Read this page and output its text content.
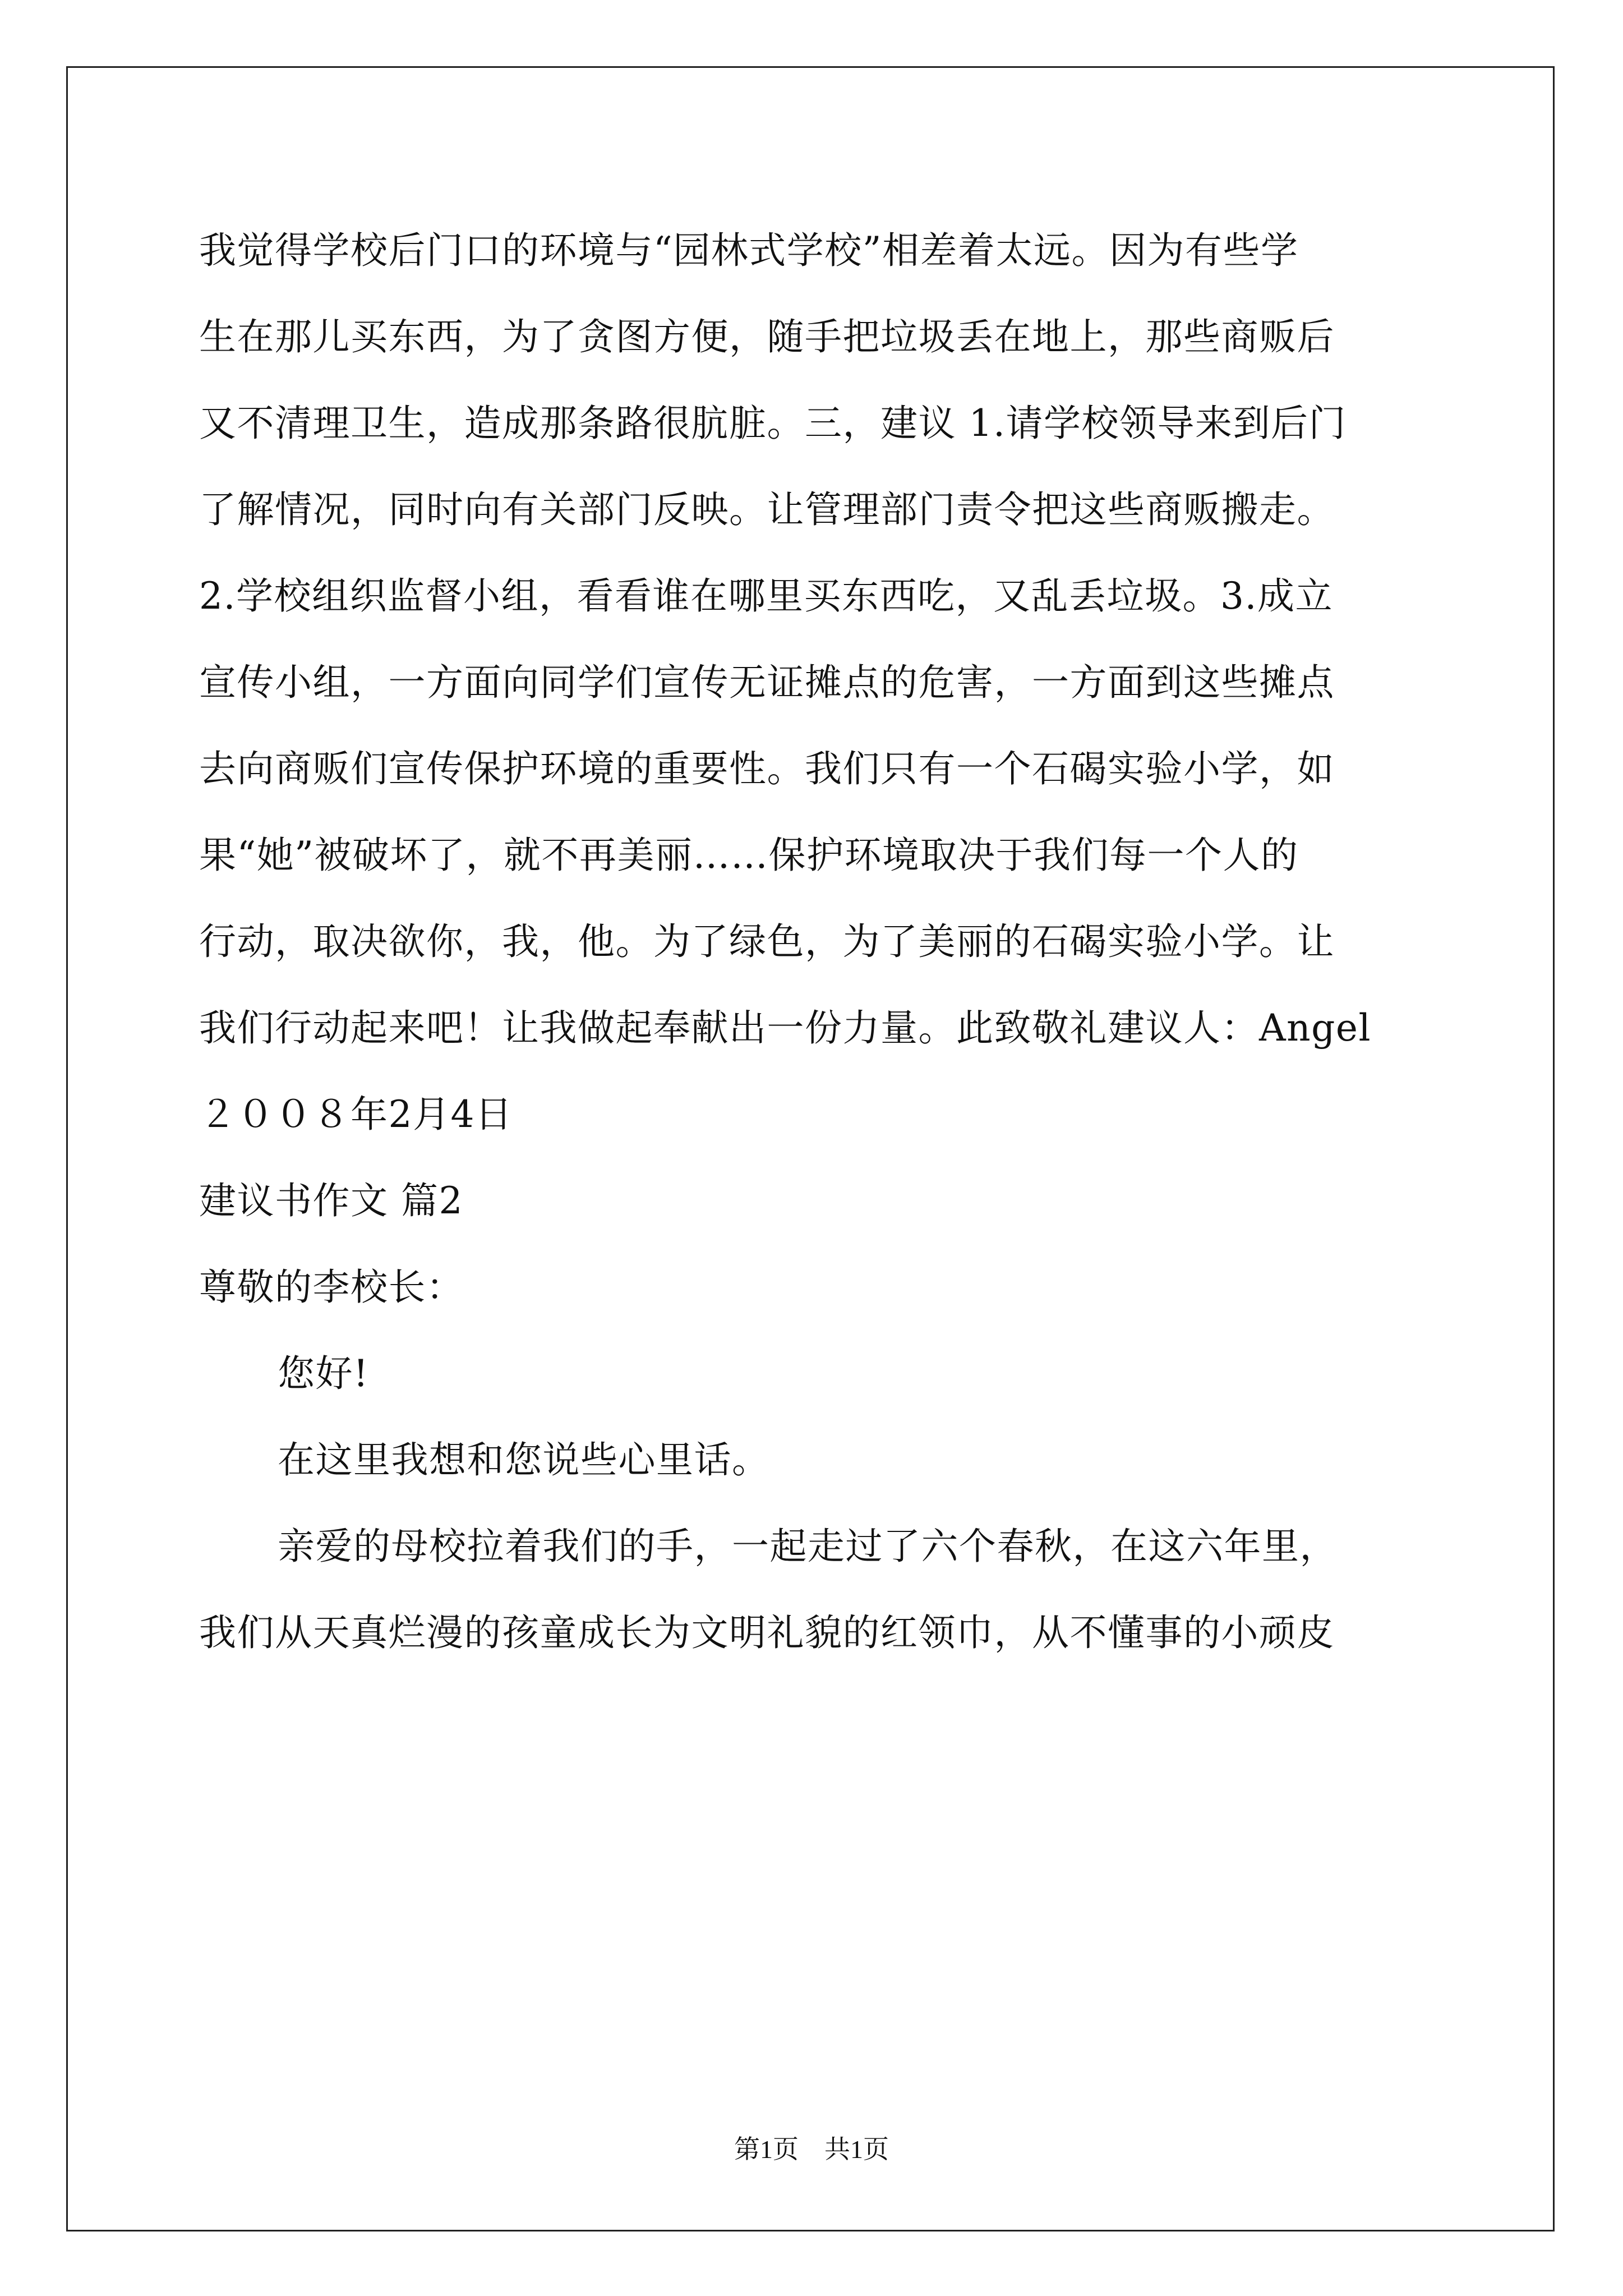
我觉得学校后门口的环境与“园林式学校”相差着太远。因为有些学
生在那儿买东西，为了贪图方便，随手把垃圾丢在地上，那些商贩后
又不清理卫生，造成那条路很肮脏。三，建议 1.请学校领导来到后门
了解情况，同时向有关部门反映。让管理部门责令把这些商贩搬走。
2.学校组织监督小组，看看谁在哪里买东西吃，又乱丢垃圾。3.成立
宣传小组，一方面向同学们宣传无证摊点的危害，一方面到这些摊点
去向商贩们宣传保护环境的重要性。我们只有一个石碣实验小学，如
果“她”被破坏了，就不再美丽……保护环境取决于我们每一个人的
行动，取决欲你，我，他。为了绿色，为了美丽的石碣实验小学。让
我们行动起来吧！让我做起奉献出一份力量。此致敬礼建议人：Angel
２００８年2月4日
建议书作文 篇2
尊敬的李校长：
您好!
在这里我想和您说些心里话。
亲爱的母校拉着我们的手，一起走过了六个春秋，在这六年里，
我们从天真烂漫的孩童成长为文明礼貌的红领巾，从不懂事的小顽皮
第1页　共1页
